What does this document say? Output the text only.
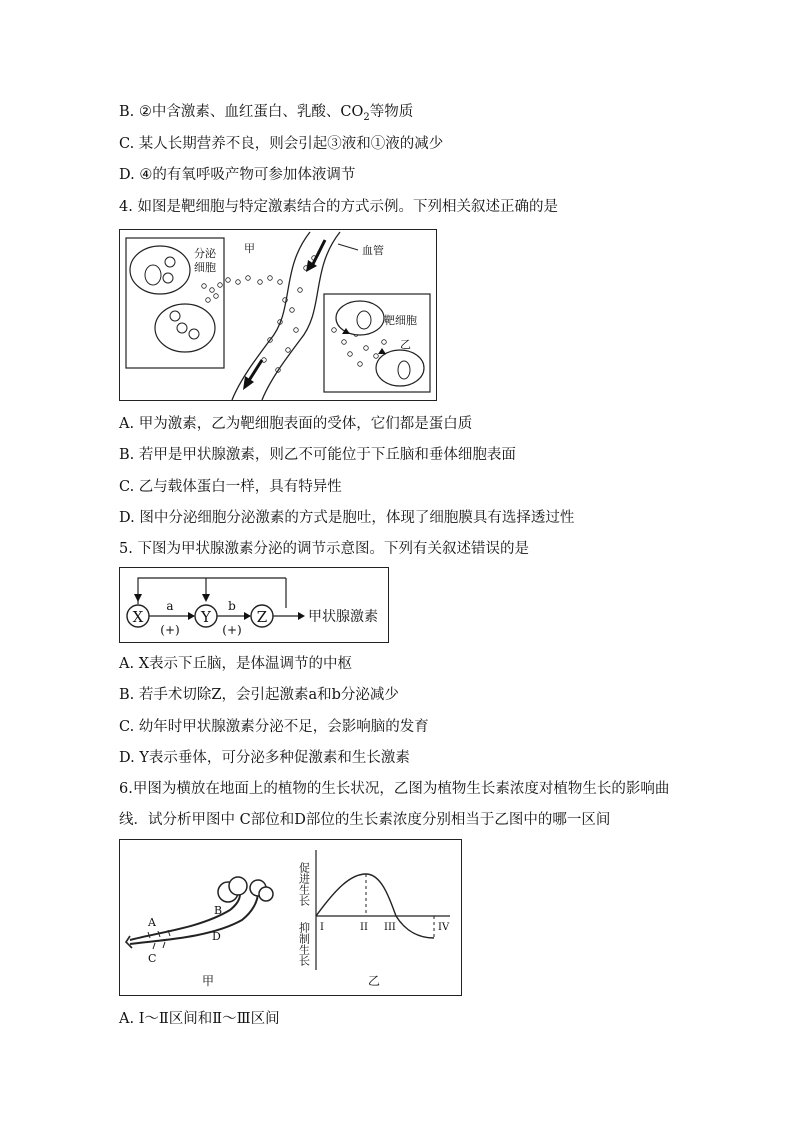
B. ②中含激素、血红蛋白、乳酸、$CO_2$等物质
C. 某人长期营养不良，则会引起③液和①液的减少
D. ④的有氧呼吸产物可参加体液调节
4. 如图是靶细胞与特定激素结合的方式示例。下列相关叙述正确的是
分泌
细胞
甲	血管
靶细胞
乙
A. 甲为激素，乙为靶细胞表面的受体，它们都是蛋白质
B. 若甲是甲状腺激素，则乙不可能位于下丘脑和垂体细胞表面
C. 乙与载体蛋白一样，具有特异性
D. 图中分泌细胞分泌激素的方式是胞吐，体现了细胞膜具有选择透过性
5. 下图为甲状腺激素分泌的调节示意图。下列有关叙述错误的是
X	Y	Z
a	b
(+)	(+)
甲状腺激素
A. X表示下丘脑，是体温调节的中枢
B. 若手术切除Z，会引起激素a和b分泌减少
C. 幼年时甲状腺激素分泌不足，会影响脑的发育
D. Y表示垂体，可分泌多种促激素和生长激素
6.甲图为横放在地面上的植物的生长状况，乙图为植物生长素浓度对植物生长的影响曲
线．试分析甲图中 C部位和D部位的生长素浓度分别相当于乙图中的哪一区间
A
C
B
D
甲
促进生长
抑制生长 I	II III	IV
乙
A. Ⅰ～Ⅱ区间和Ⅱ～Ⅲ区间
